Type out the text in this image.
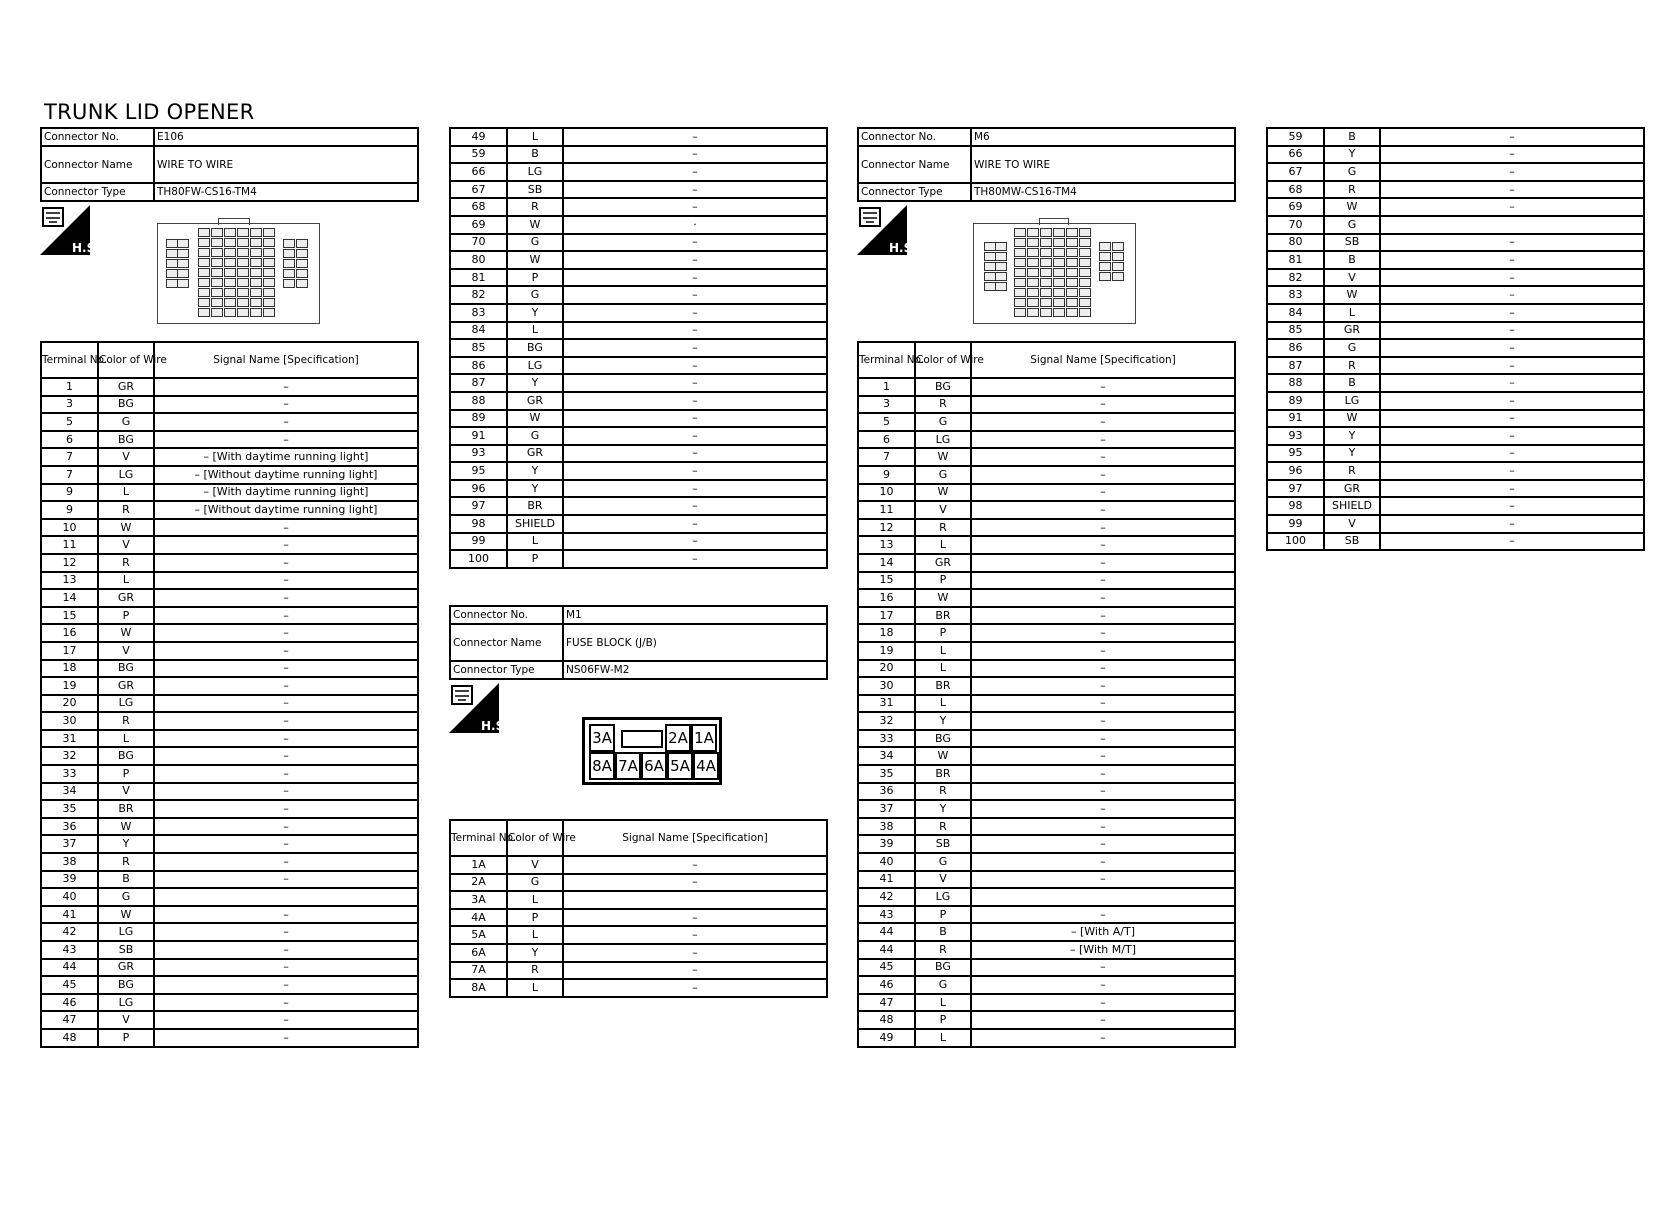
TRUNK LID OPENER
Connector No.	E106
Connector Name	WIRE TO WIRE
Connector Type	TH80FW-CS16-TM4
H.S.
Terminal No.	Color of Wire	Signal Name [Specification]
1	GR	–
3	BG	–
5	G	–
6	BG	–
7	V	– [With daytime running light]
7	LG	– [Without daytime running light]
9	L	– [With daytime running light]
9	R	– [Without daytime running light]
10	W	–
11	V	–
12	R	–
13	L	–
14	GR	–
15	P	–
16	W	–
17	V	–
18	BG	–
19	GR	–
20	LG	–
30	R	–
31	L	–
32	BG	–
33	P	–
34	V	–
35	BR	–
36	W	–
37	Y	–
38	R	–
39	B	–
40	G	
41	W	–
42	LG	–
43	SB	–
44	GR	–
45	BG	–
46	LG	–
47	V	–
48	P	–
49	L	–
59	B	–
66	LG	–
67	SB	–
68	R	–
69	W	·
70	G	–
80	W	–
81	P	–
82	G	–
83	Y	–
84	L	–
85	BG	–
86	LG	–
87	Y	–
88	GR	–
89	W	–
91	G	–
93	GR	–
95	Y	–
96	Y	–
97	BR	–
98	SHIELD	–
99	L	–
100	P	–
Connector No.	M1
Connector Name	FUSE BLOCK (J/B)
Connector Type	NS06FW-M2
H.S.
3A	2A 1A
8A 7A 6A 5A 4A
Terminal No.	Color of Wire	Signal Name [Specification]
1A	V	–
2A	G	–
3A	L	
4A	P	–
5A	L	–
6A	Y	–
7A	R	–
8A	L	–
Connector No.	M6
Connector Name	WIRE TO WIRE
Connector Type	TH80MW-CS16-TM4
H.S.
Terminal No.	Color of Wire	Signal Name [Specification]
1	BG	–
3	R	–
5	G	–
6	LG	–
7	W	–
9	G	–
10	W	–
11	V	–
12	R	–
13	L	–
14	GR	–
15	P	–
16	W	–
17	BR	–
18	P	–
19	L	–
20	L	–
30	BR	–
31	L	–
32	Y	–
33	BG	–
34	W	–
35	BR	–
36	R	–
37	Y	–
38	R	–
39	SB	–
40	G	–
41	V	–
42	LG	
43	P	–
44	B	– [With A/T]
44	R	– [With M/T]
45	BG	–
46	G	–
47	L	–
48	P	–
49	L	–
59	B	–
66	Y	–
67	G	–
68	R	–
69	W	–
70	G	
80	SB	–
81	B	–
82	V	–
83	W	–
84	L	–
85	GR	–
86	G	–
87	R	–
88	B	–
89	LG	–
91	W	–
93	Y	–
95	Y	–
96	R	–
97	GR	–
98	SHIELD	–
99	V	–
100	SB	–
